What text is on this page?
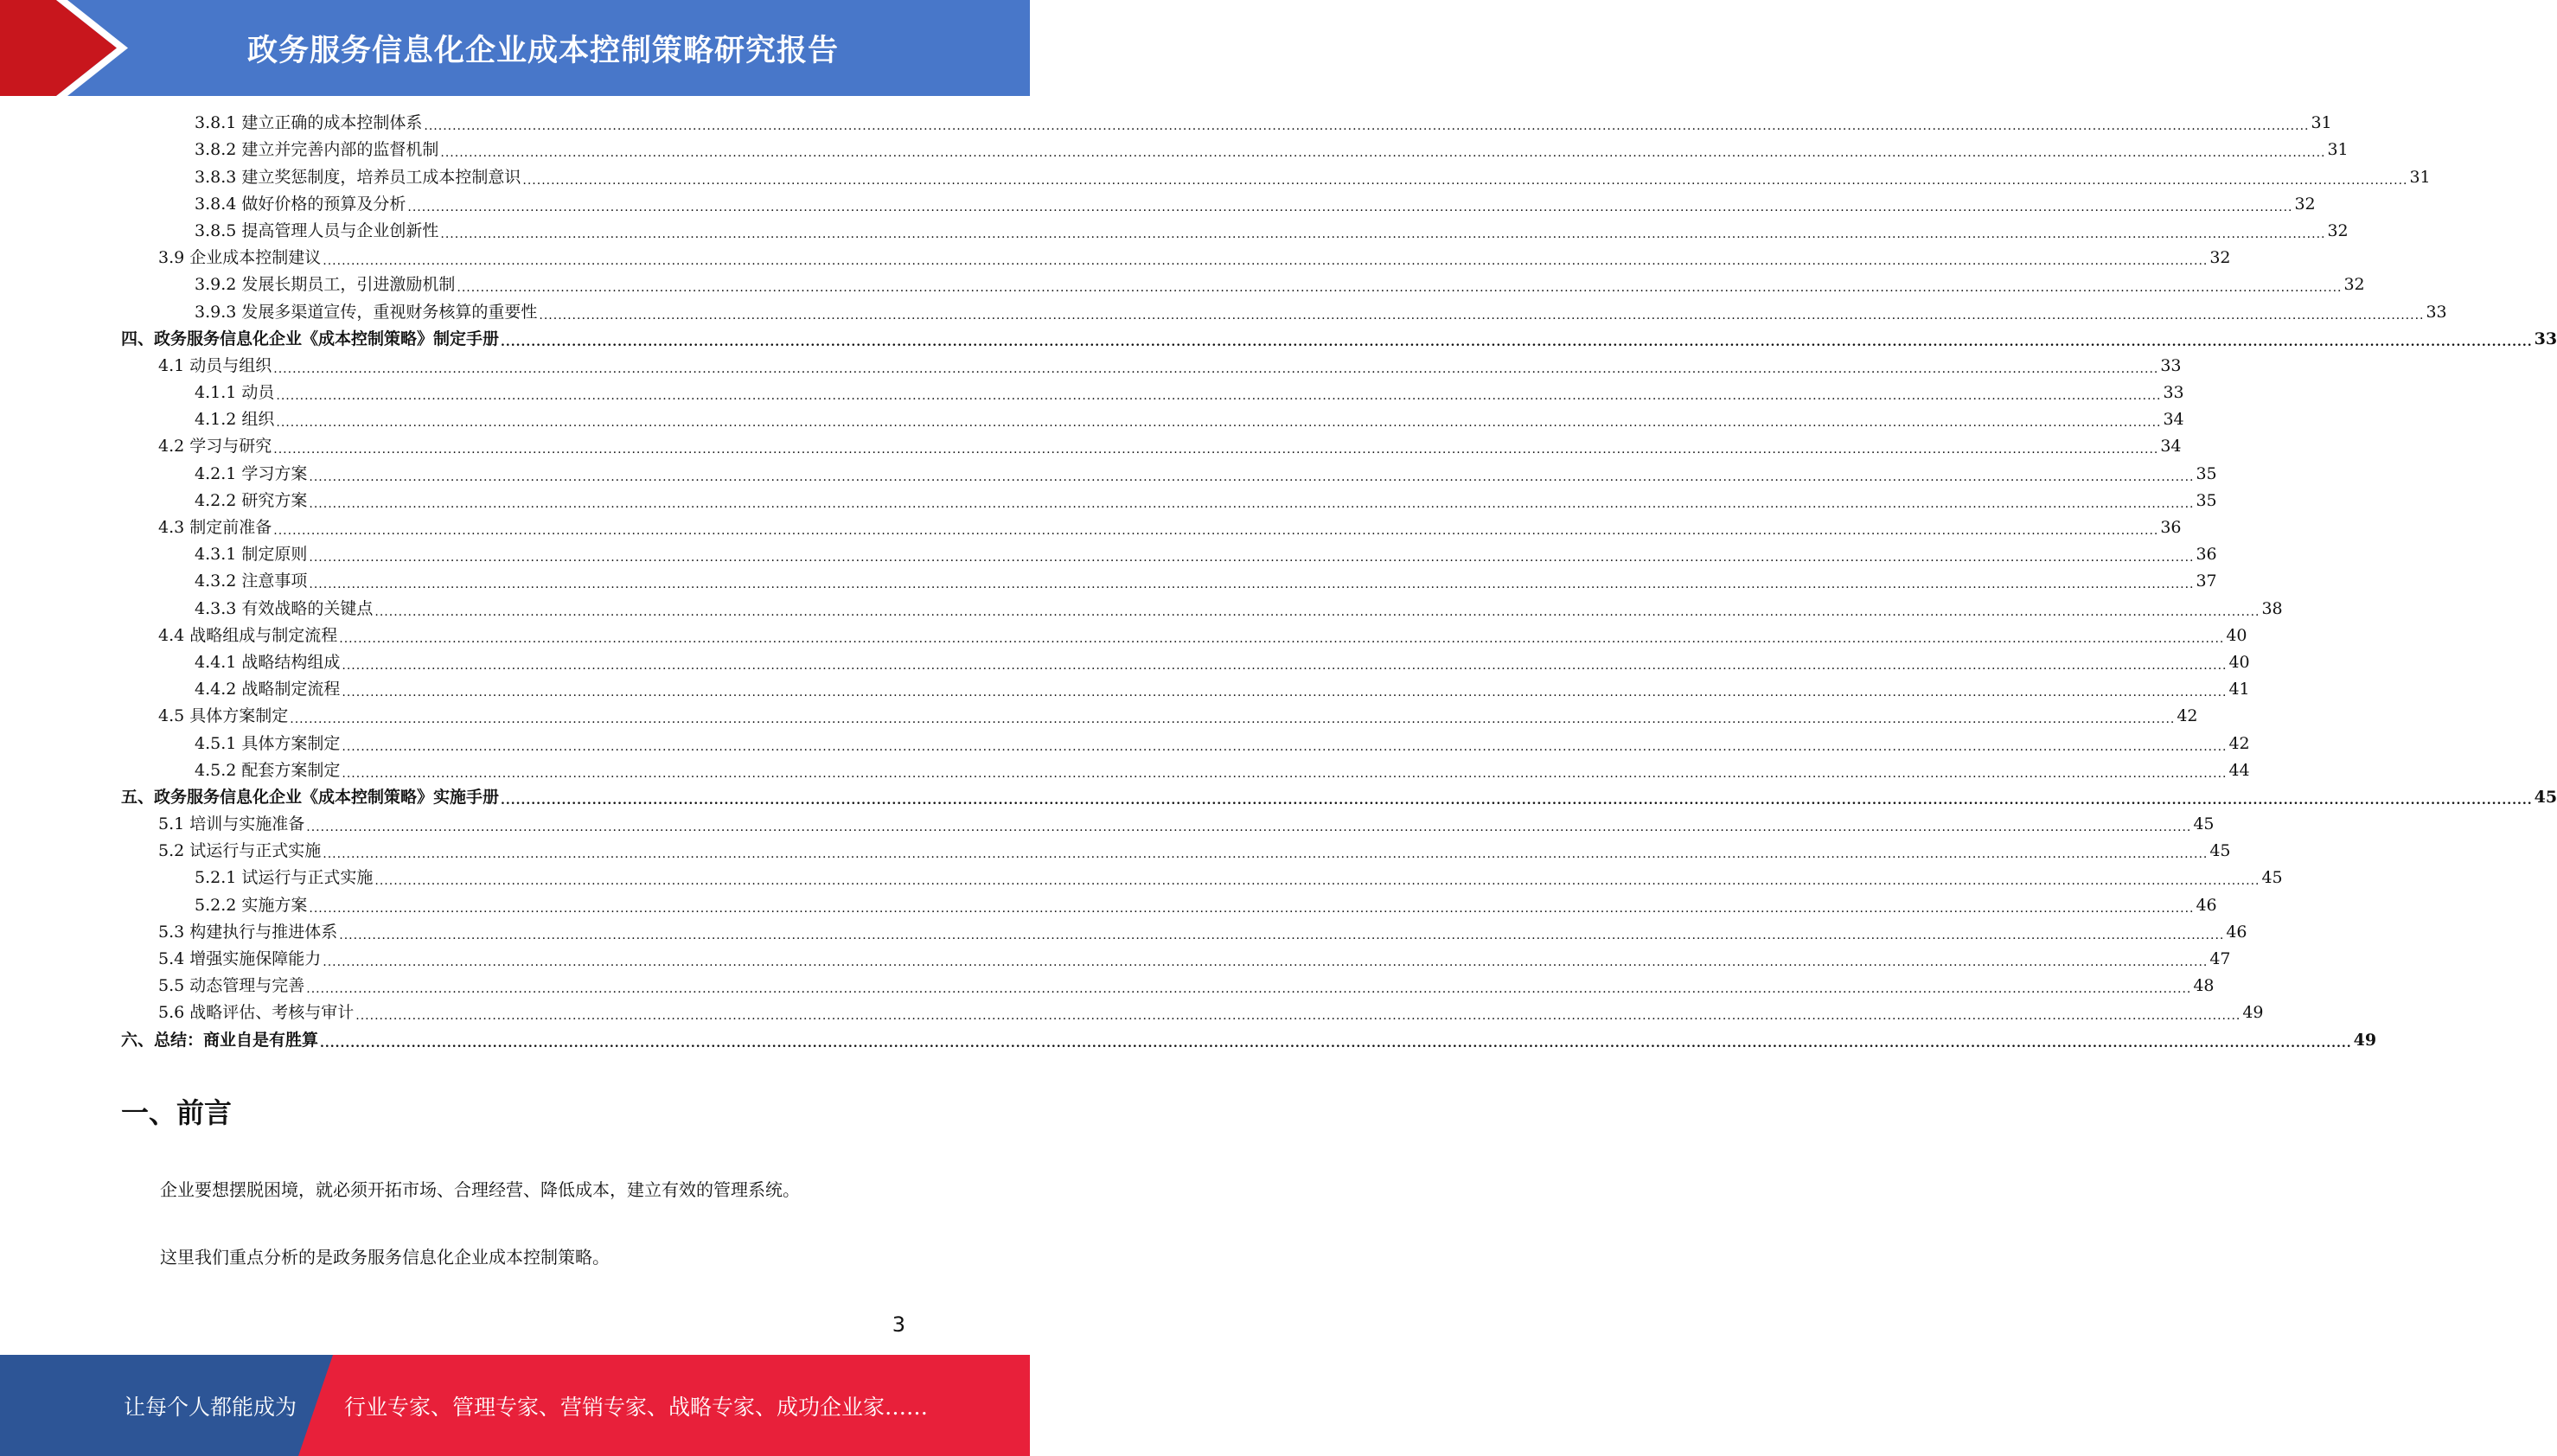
政务服务信息化企业成本控制策略研究报告
3.8.1 建立正确的成本控制体系 ................................................................................................................................................................................................................................................................................................................................................................................................................ 31
3.8.2 建立并完善内部的监督机制 ................................................................................................................................................................................................................................................................................................................................................................................................................ 31
3.8.3 建立奖惩制度，培养员工成本控制意识 ................................................................................................................................................................................................................................................................................................................................................................................................................ 31
3.8.4 做好价格的预算及分析 ................................................................................................................................................................................................................................................................................................................................................................................................................ 32
3.8.5 提高管理人员与企业创新性 ................................................................................................................................................................................................................................................................................................................................................................................................................ 32
3.9 企业成本控制建议 ................................................................................................................................................................................................................................................................................................................................................................................................................ 32
3.9.2 发展长期员工，引进激励机制 ................................................................................................................................................................................................................................................................................................................................................................................................................ 32
3.9.3 发展多渠道宣传，重视财务核算的重要性 ................................................................................................................................................................................................................................................................................................................................................................................................................ 33
四、政务服务信息化企业《成本控制策略》制定手册 ................................................................................................................................................................................................................................................................................................................................................................................................................ 33
4.1 动员与组织 ................................................................................................................................................................................................................................................................................................................................................................................................................ 33
4.1.1 动员 ................................................................................................................................................................................................................................................................................................................................................................................................................ 33
4.1.2 组织 ................................................................................................................................................................................................................................................................................................................................................................................................................ 34
4.2 学习与研究 ................................................................................................................................................................................................................................................................................................................................................................................................................ 34
4.2.1 学习方案 ................................................................................................................................................................................................................................................................................................................................................................................................................ 35
4.2.2 研究方案 ................................................................................................................................................................................................................................................................................................................................................................................................................ 35
4.3 制定前准备 ................................................................................................................................................................................................................................................................................................................................................................................................................ 36
4.3.1 制定原则 ................................................................................................................................................................................................................................................................................................................................................................................................................ 36
4.3.2 注意事项 ................................................................................................................................................................................................................................................................................................................................................................................................................ 37
4.3.3 有效战略的关键点 ................................................................................................................................................................................................................................................................................................................................................................................................................ 38
4.4 战略组成与制定流程 ................................................................................................................................................................................................................................................................................................................................................................................................................ 40
4.4.1 战略结构组成 ................................................................................................................................................................................................................................................................................................................................................................................................................ 40
4.4.2 战略制定流程 ................................................................................................................................................................................................................................................................................................................................................................................................................ 41
4.5 具体方案制定 ................................................................................................................................................................................................................................................................................................................................................................................................................ 42
4.5.1 具体方案制定 ................................................................................................................................................................................................................................................................................................................................................................................................................ 42
4.5.2 配套方案制定 ................................................................................................................................................................................................................................................................................................................................................................................................................ 44
五、政务服务信息化企业《成本控制策略》实施手册 ................................................................................................................................................................................................................................................................................................................................................................................................................ 45
5.1 培训与实施准备 ................................................................................................................................................................................................................................................................................................................................................................................................................ 45
5.2 试运行与正式实施 ................................................................................................................................................................................................................................................................................................................................................................................................................ 45
5.2.1 试运行与正式实施 ................................................................................................................................................................................................................................................................................................................................................................................................................ 45
5.2.2 实施方案 ................................................................................................................................................................................................................................................................................................................................................................................................................ 46
5.3 构建执行与推进体系 ................................................................................................................................................................................................................................................................................................................................................................................................................ 46
5.4 增强实施保障能力 ................................................................................................................................................................................................................................................................................................................................................................................................................ 47
5.5 动态管理与完善 ................................................................................................................................................................................................................................................................................................................................................................................................................ 48
5.6 战略评估、考核与审计 ................................................................................................................................................................................................................................................................................................................................................................................................................ 49
六、总结：商业自是有胜算 ................................................................................................................................................................................................................................................................................................................................................................................................................ 49
一、前言

企业要想摆脱困境，就必须开拓市场、合理经营、降低成本，建立有效的管理系统。

这里我们重点分析的是政务服务信息化企业成本控制策略。

3
让每个人都能成为 行业专家、管理专家、营销专家、战略专家、成功企业家……
